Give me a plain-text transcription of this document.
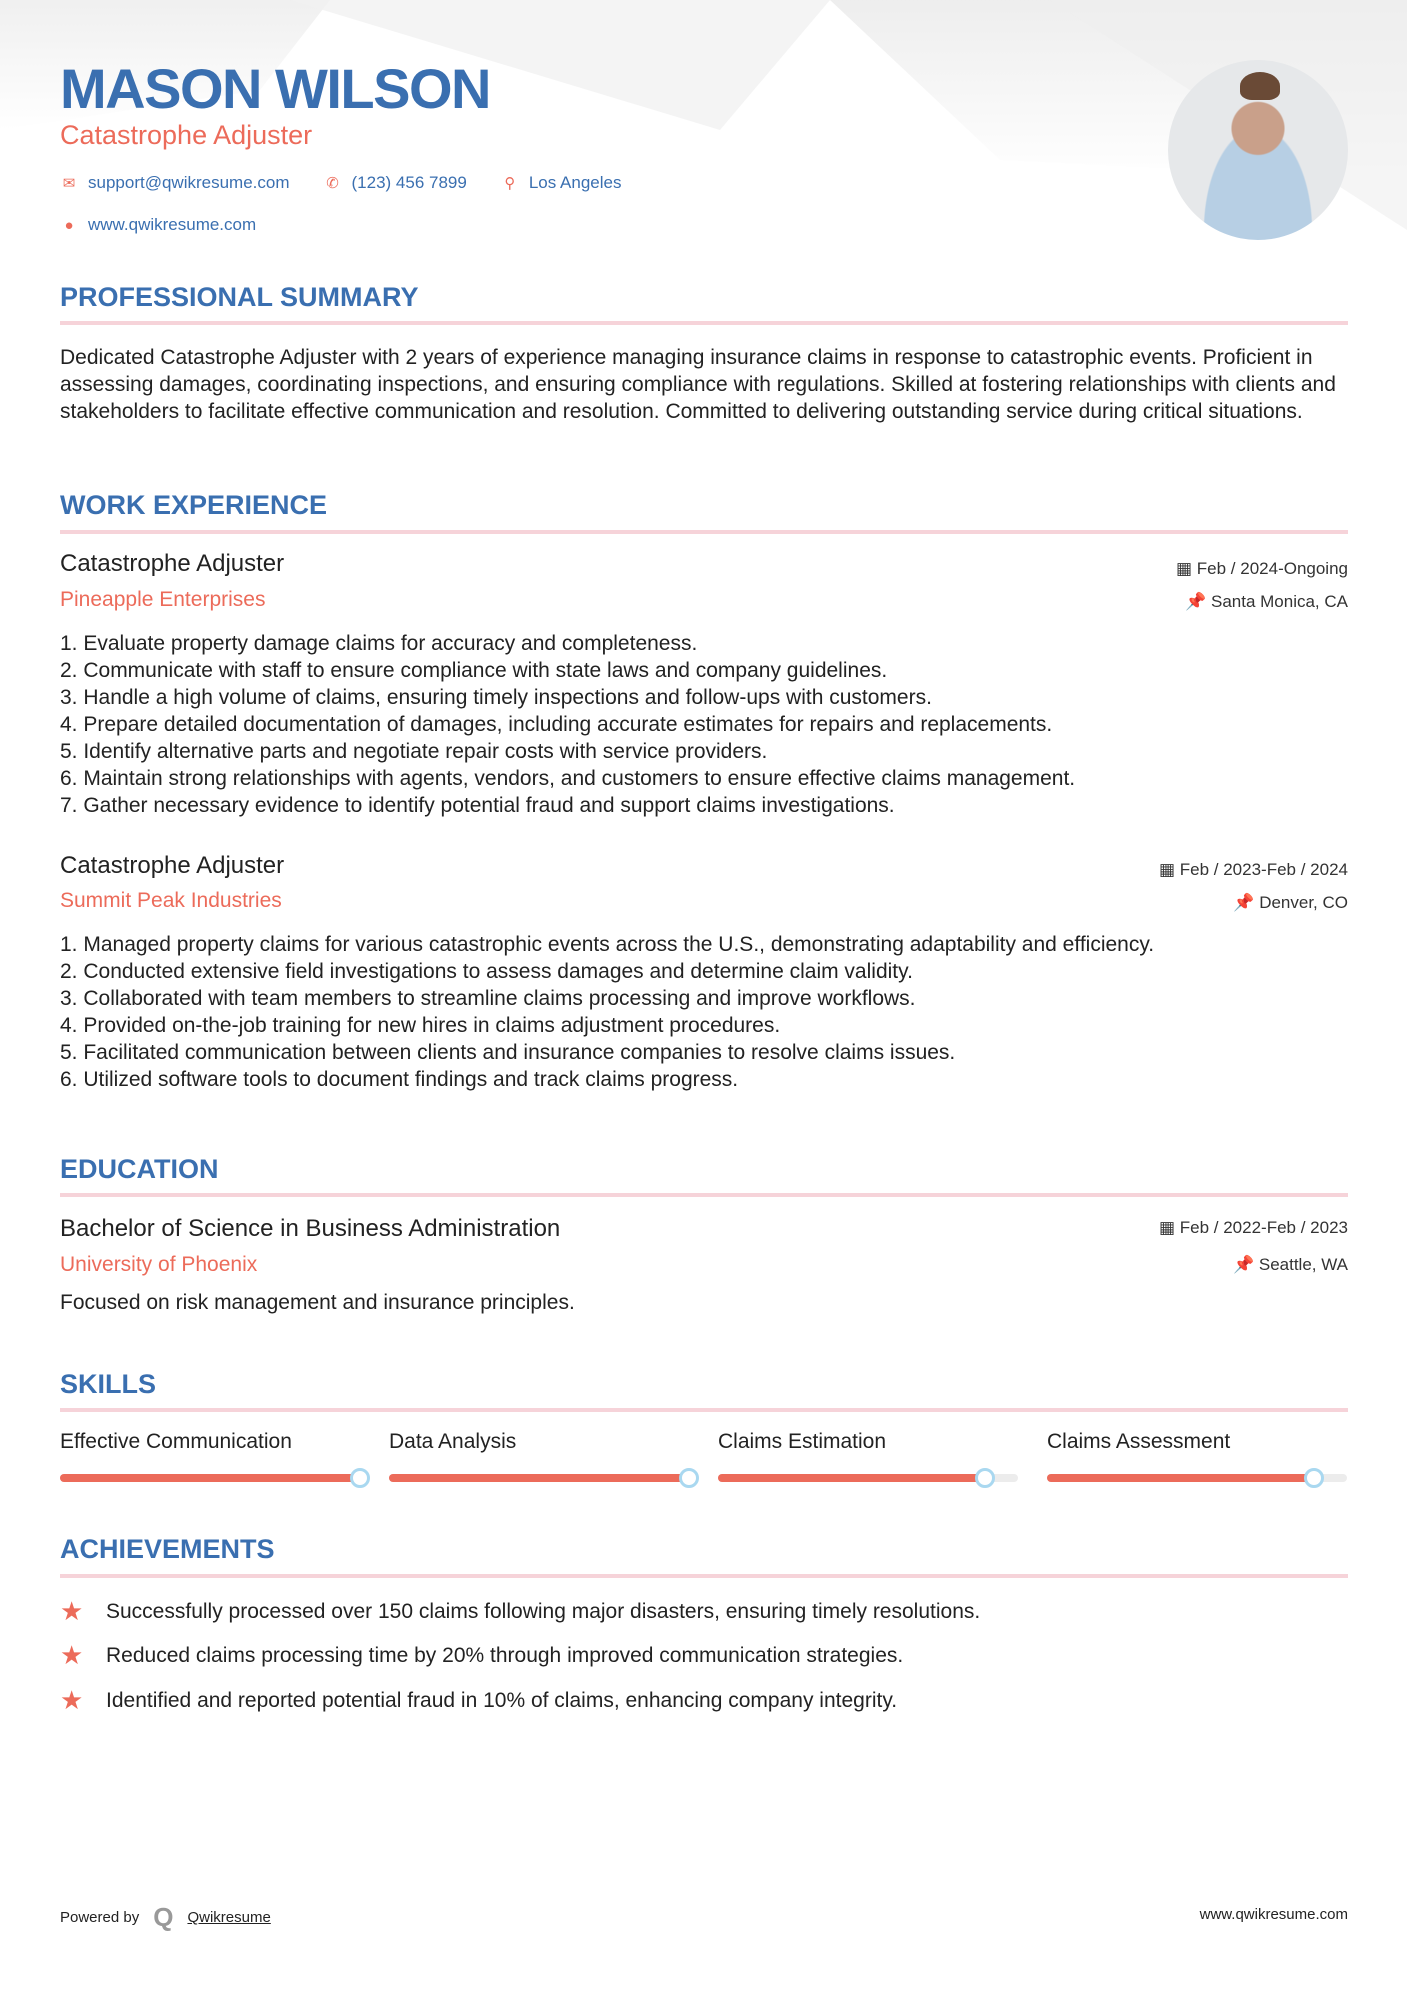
MASON WILSON
Catastrophe Adjuster
✉ support@qwikresume.com ✆ (123) 456 7899	⚲ Los Angeles
● www.qwikresume.com
PROFESSIONAL SUMMARY
Dedicated Catastrophe Adjuster with 2 years of experience managing insurance claims in response to catastrophic events. Proficient in assessing damages, coordinating inspections, and ensuring compliance with regulations. Skilled at fostering relationships with clients and stakeholders to facilitate effective communication and resolution. Committed to delivering outstanding service during critical situations.
WORK EXPERIENCE
Catastrophe Adjuster
Pineapple Enterprises
▦ Feb / 2024-Ongoing
📌 Santa Monica, CA
1. Evaluate property damage claims for accuracy and completeness.
2. Communicate with staff to ensure compliance with state laws and company guidelines.
3. Handle a high volume of claims, ensuring timely inspections and follow-ups with customers.
4. Prepare detailed documentation of damages, including accurate estimates for repairs and replacements.
5. Identify alternative parts and negotiate repair costs with service providers.
6. Maintain strong relationships with agents, vendors, and customers to ensure effective claims management.
7. Gather necessary evidence to identify potential fraud and support claims investigations.
Catastrophe Adjuster
Summit Peak Industries
▦ Feb / 2023-Feb / 2024
📌 Denver, CO
1. Managed property claims for various catastrophic events across the U.S., demonstrating adaptability and efficiency.
2. Conducted extensive field investigations to assess damages and determine claim validity.
3. Collaborated with team members to streamline claims processing and improve workflows.
4. Provided on-the-job training for new hires in claims adjustment procedures.
5. Facilitated communication between clients and insurance companies to resolve claims issues.
6. Utilized software tools to document findings and track claims progress.
EDUCATION
Bachelor of Science in Business Administration
University of Phoenix
▦ Feb / 2022-Feb / 2023
📌 Seattle, WA
Focused on risk management and insurance principles.
SKILLS
Effective Communication	Data Analysis	Claims Estimation	Claims Assessment
ACHIEVEMENTS
★	Successfully processed over 150 claims following major disasters, ensuring timely resolutions.
★	Reduced claims processing time by 20% through improved communication strategies.
★	Identified and reported potential fraud in 10% of claims, enhancing company integrity.
Powered by Q Qwikresume	www.qwikresume.com
